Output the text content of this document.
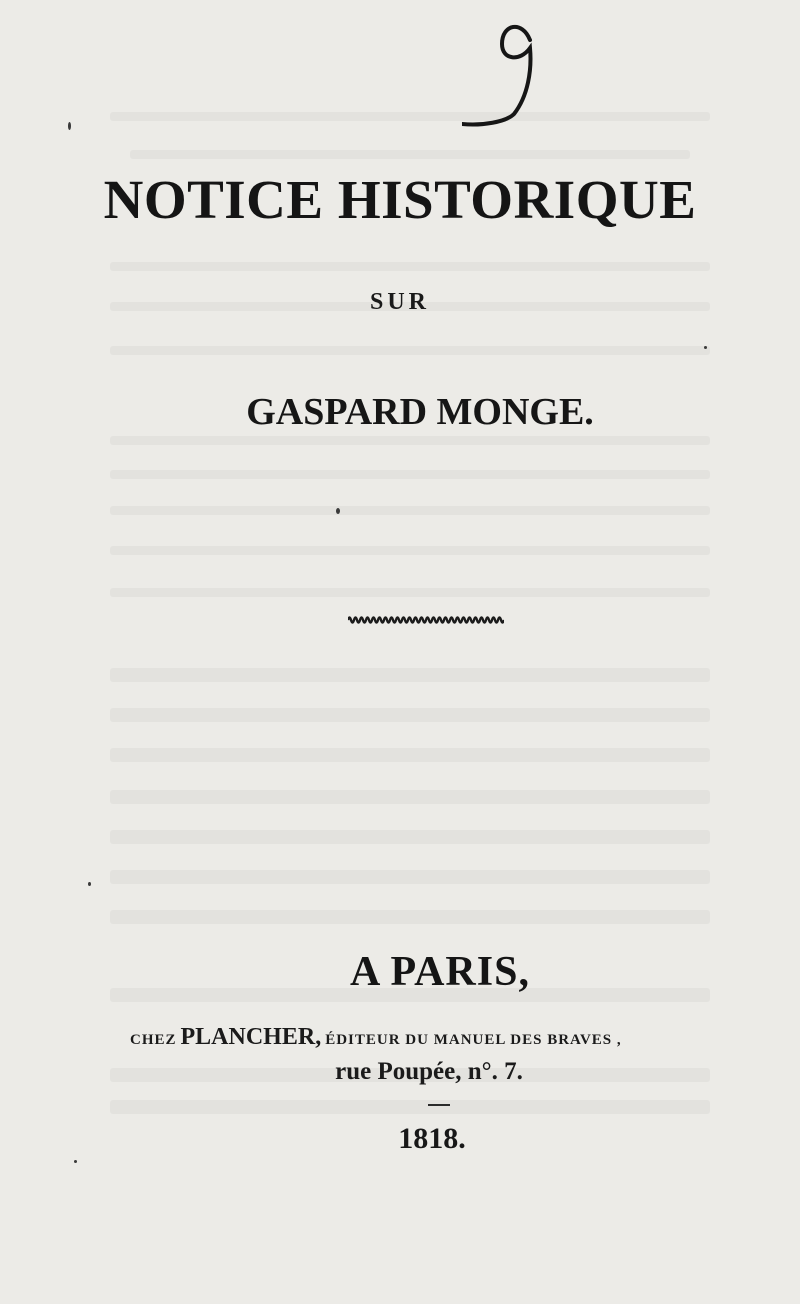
NOTICE HISTORIQUE
SUR
GASPARD MONGE.
A PARIS,
CHEZ PLANCHER, ÉDITEUR DU MANUEL DES BRAVES ,
rue Poupée, n°. 7.
1818.
